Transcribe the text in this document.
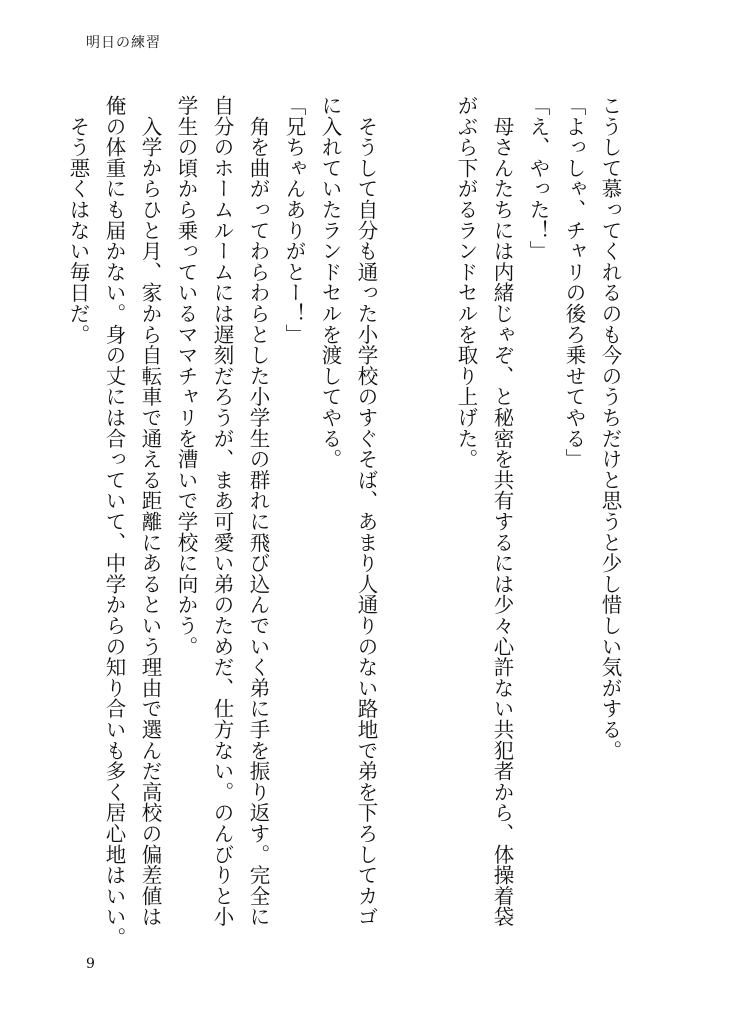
明日の練習
こうして慕ってくれるのも今のうちだけと思うと少し惜しい気がする。
「よっしゃ、チャリの後ろ乗せてやる」
「え、やった！」
　母さんたちには内緒じゃぞ、と秘密を共有するには少々心許ない共犯者から、体操着袋
がぶら下がるランドセルを取り上げた。
　そうして自分も通った小学校のすぐそば、あまり人通りのない路地で弟を下ろしてカゴ
に入れていたランドセルを渡してやる。
「兄ちゃんありがとー！」
　角を曲がってわらわらとした小学生の群れに飛び込んでいく弟に手を振り返す。完全に
自分のホームルームには遅刻だろうが、まあ可愛い弟のためだ、仕方ない。のんびりと小
学生の頃から乗っているママチャリを漕いで学校に向かう。
　入学からひと月、家から自転車で通える距離にあるという理由で選んだ高校の偏差値は
俺の体重にも届かない。身の丈には合っていて、中学からの知り合いも多く居心地はいい。
　そう悪くはない毎日だ。
9
